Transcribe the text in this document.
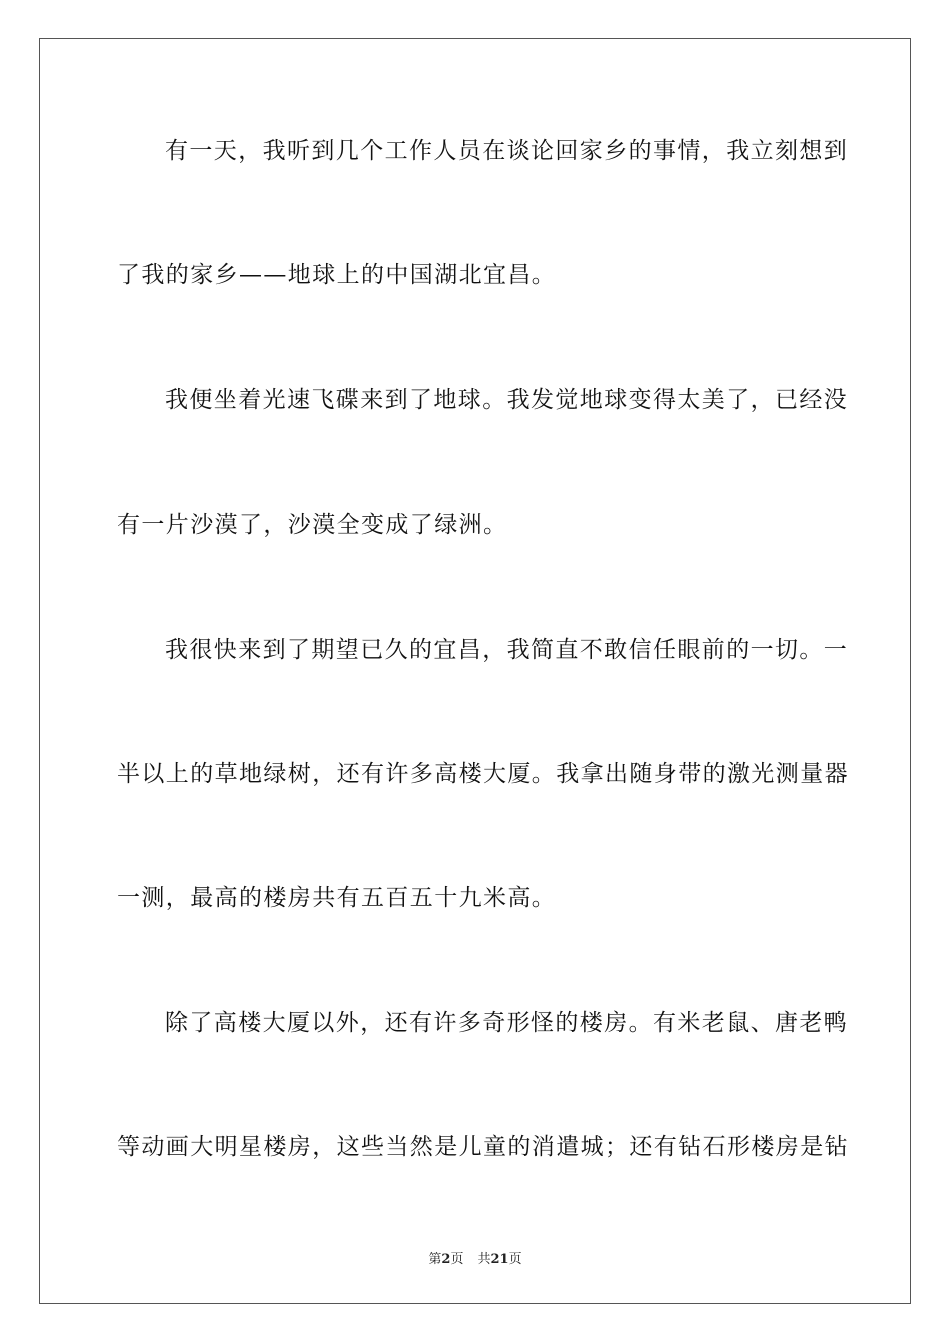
有一天，我听到几个工作人员在谈论回家乡的事情，我立刻想到
了我的家乡——地球上的中国湖北宜昌。
我便坐着光速飞碟来到了地球。我发觉地球变得太美了，已经没
有一片沙漠了，沙漠全变成了绿洲。
我很快来到了期望已久的宜昌，我简直不敢信任眼前的一切。一
半以上的草地绿树，还有许多高楼大厦。我拿出随身带的激光测量器
一测，最高的楼房共有五百五十九米高。
除了高楼大厦以外，还有许多奇形怪的楼房。有米老鼠、唐老鸭
等动画大明星楼房，这些当然是儿童的消遣城；还有钻石形楼房是钻
第2页 共21页
